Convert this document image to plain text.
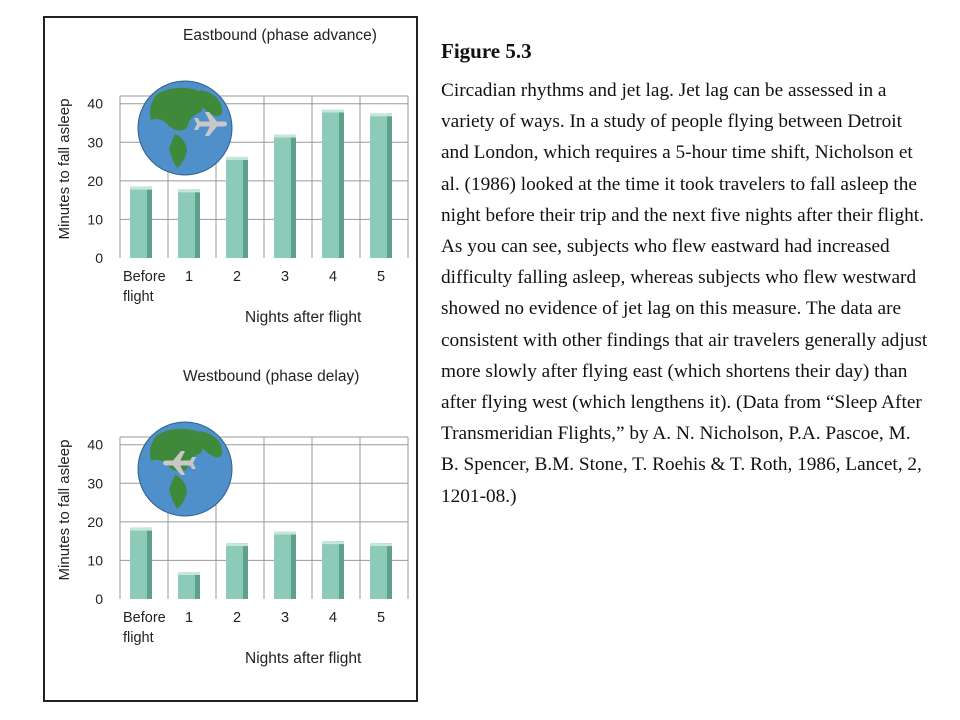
Eastbound (phase advance)
Minutes to fall asleep
0
10
20
30
40
Before flight
1	2	3	4	5
Nights after flight
Westbound (phase delay)
Minutes to fall asleep
0
10
20
30
40
Before flight
1	2	3	4	5
Nights after flight

Figure 5.3

Circadian rhythms and jet lag. Jet lag can be assessed in a variety of ways. In a study of people flying between Detroit and London, which requires a 5-hour time shift, Nicholson et al. (1986) looked at the time it took travelers to fall asleep the night before their trip and the next five nights after their flight. As you can see, subjects who flew eastward had increased difficulty falling asleep, whereas subjects who flew westward showed no evidence of jet lag on this measure. The data are consistent with other findings that air travelers generally adjust more slowly after flying east (which shortens their day) than after flying west (which lengthens it). (Data from “Sleep After Transmeridian Flights,” by A. N. Nicholson, P.A. Pascoe, M. B. Spencer, B.M. Stone, T. Roehis & T. Roth, 1986, Lancet, 2, 1201-08.)
